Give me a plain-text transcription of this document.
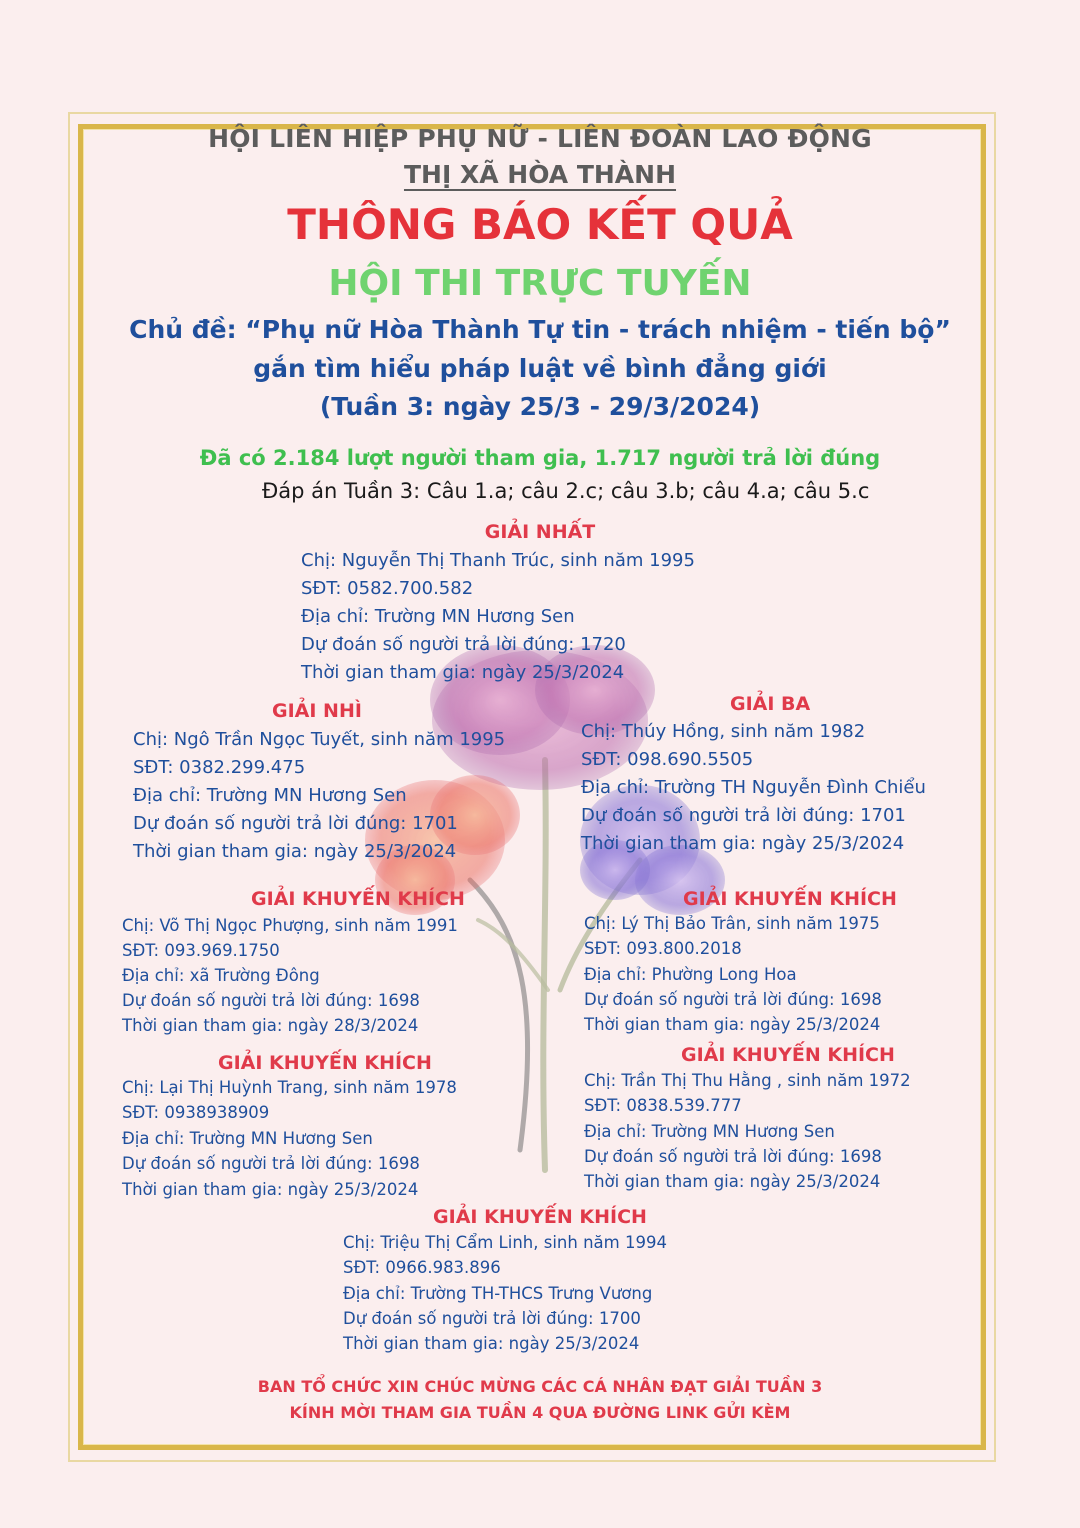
HỘI LIÊN HIỆP PHỤ NỮ - LIÊN ĐOÀN LAO ĐỘNG
THỊ XÃ HÒA THÀNH
THÔNG BÁO KẾT QUẢ
HỘI THI TRỰC TUYẾN
Chủ đề: “Phụ nữ Hòa Thành Tự tin - trách nhiệm - tiến bộ”
gắn tìm hiểu pháp luật về bình đẳng giới
(Tuần 3: ngày 25/3 - 29/3/2024)
Đã có 2.184 lượt người tham gia, 1.717 người trả lời đúng
Đáp án Tuần 3: Câu 1.a; câu 2.c; câu 3.b; câu 4.a; câu 5.c
GIẢI NHẤT
Chị: Nguyễn Thị Thanh Trúc, sinh năm 1995
SĐT: 0582.700.582
Địa chỉ: Trường MN Hương Sen
Dự đoán số người trả lời đúng: 1720
Thời gian tham gia: ngày 25/3/2024
GIẢI NHÌ
Chị: Ngô Trần Ngọc Tuyết, sinh năm 1995
SĐT: 0382.299.475
Địa chỉ: Trường MN Hương Sen
Dự đoán số người trả lời đúng: 1701
Thời gian tham gia: ngày 25/3/2024
GIẢI BA
Chị: Thúy Hồng, sinh năm 1982
SĐT: 098.690.5505
Địa chỉ: Trường TH Nguyễn Đình Chiểu
Dự đoán số người trả lời đúng: 1701
Thời gian tham gia: ngày 25/3/2024
GIẢI KHUYẾN KHÍCH
Chị: Võ Thị Ngọc Phượng, sinh năm 1991
SĐT: 093.969.1750
Địa chỉ: xã Trường Đông
Dự đoán số người trả lời đúng: 1698
Thời gian tham gia: ngày 28/3/2024
GIẢI KHUYẾN KHÍCH
Chị: Lý Thị Bảo Trân, sinh năm 1975
SĐT: 093.800.2018
Địa chỉ: Phường Long Hoa
Dự đoán số người trả lời đúng: 1698
Thời gian tham gia: ngày 25/3/2024
GIẢI KHUYẾN KHÍCH
Chị: Lại Thị Huỳnh Trang, sinh năm 1978
SĐT: 0938938909
Địa chỉ: Trường MN Hương Sen
Dự đoán số người trả lời đúng: 1698
Thời gian tham gia: ngày 25/3/2024
GIẢI KHUYẾN KHÍCH
Chị: Trần Thị Thu Hằng , sinh năm 1972
SĐT: 0838.539.777
Địa chỉ: Trường MN Hương Sen
Dự đoán số người trả lời đúng: 1698
Thời gian tham gia: ngày 25/3/2024
GIẢI KHUYẾN KHÍCH
Chị: Triệu Thị Cẩm Linh, sinh năm 1994
SĐT: 0966.983.896
Địa chỉ: Trường TH-THCS Trưng Vương
Dự đoán số người trả lời đúng: 1700
Thời gian tham gia: ngày 25/3/2024
BAN TỔ CHỨC XIN CHÚC MỪNG CÁC CÁ NHÂN ĐẠT GIẢI TUẦN 3
KÍNH MỜI THAM GIA TUẦN 4 QUA ĐƯỜNG LINK GỬI KÈM
